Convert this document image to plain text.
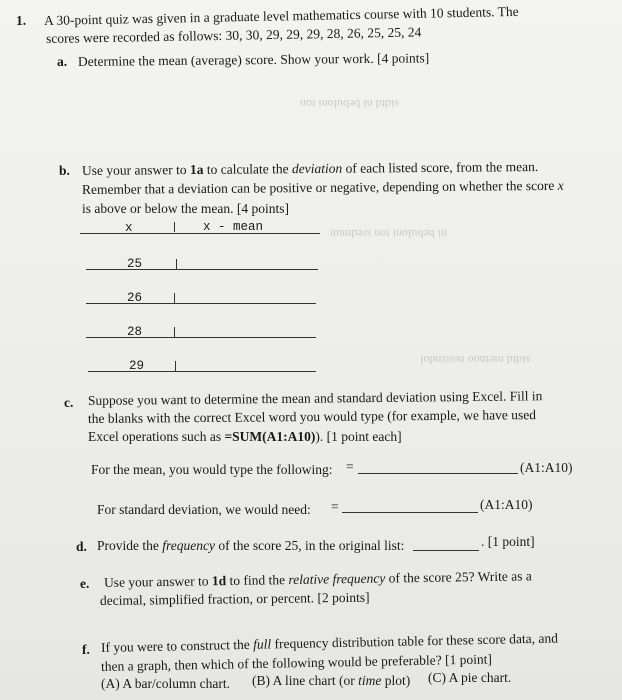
sidtd ni bebuloni ton
ni bebuloni ton sredmun
sidtd nietnoo noitsndol
1. A 30-point quiz was given in a graduate level mathematics course with 10 students. The
scores were recorded as follows: 30, 30, 29, 29, 29, 28, 26, 25, 25, 24
a. Determine the mean (average) score. Show your work. [4 points]
b. Use your answer to 1a to calculate the deviation of each listed score, from the mean.
Remember that a deviation can be positive or negative, depending on whether the score x
is above or below the mean. [4 points]
x	x - mean
25
26
28
29
c. Suppose you want to determine the mean and standard deviation using Excel. Fill in
the blanks with the correct Excel word you would type (for example, we have used
Excel operations such as =SUM(A1:A10)). [1 point each]
For the mean, you would type the following: =	(A1:A10)
For standard deviation, we would need: =	(A1:A10)
d. Provide the frequency of the score 25, in the original list:	. [1 point]
e. Use your answer to 1d to find the relative frequency of the score 25? Write as a
decimal, simplified fraction, or percent. [2 points]
f. If you were to construct the full frequency distribution table for these score data, and
then a graph, then which of the following would be preferable? [1 point]
(A) A bar/column chart. (B) A line chart (or time plot) (C) A pie chart.
